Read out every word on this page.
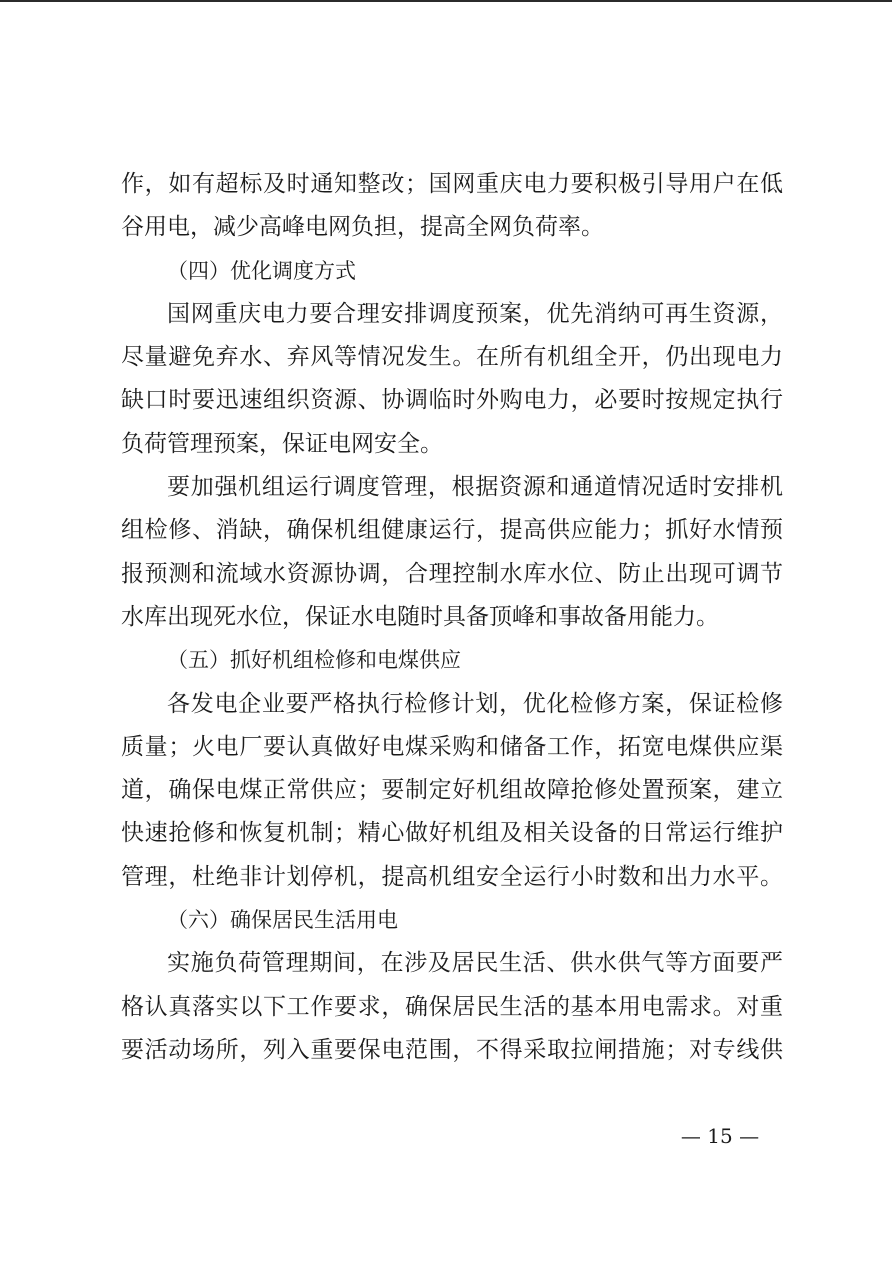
作，如有超标及时通知整改；国网重庆电力要积极引导用户在低
谷用电，减少高峰电网负担，提高全网负荷率。
（四）优化调度方式
国网重庆电力要合理安排调度预案，优先消纳可再生资源，
尽量避免弃水、弃风等情况发生。在所有机组全开，仍出现电力
缺口时要迅速组织资源、协调临时外购电力，必要时按规定执行
负荷管理预案，保证电网安全。
要加强机组运行调度管理，根据资源和通道情况适时安排机
组检修、消缺，确保机组健康运行，提高供应能力；抓好水情预
报预测和流域水资源协调，合理控制水库水位、防止出现可调节
水库出现死水位，保证水电随时具备顶峰和事故备用能力。
（五）抓好机组检修和电煤供应
各发电企业要严格执行检修计划，优化检修方案，保证检修
质量；火电厂要认真做好电煤采购和储备工作，拓宽电煤供应渠
道，确保电煤正常供应；要制定好机组故障抢修处置预案，建立
快速抢修和恢复机制；精心做好机组及相关设备的日常运行维护
管理，杜绝非计划停机，提高机组安全运行小时数和出力水平。
（六）确保居民生活用电
实施负荷管理期间，在涉及居民生活、供水供气等方面要严
格认真落实以下工作要求，确保居民生活的基本用电需求。对重
要活动场所，列入重要保电范围，不得采取拉闸措施；对专线供
— 15 —
